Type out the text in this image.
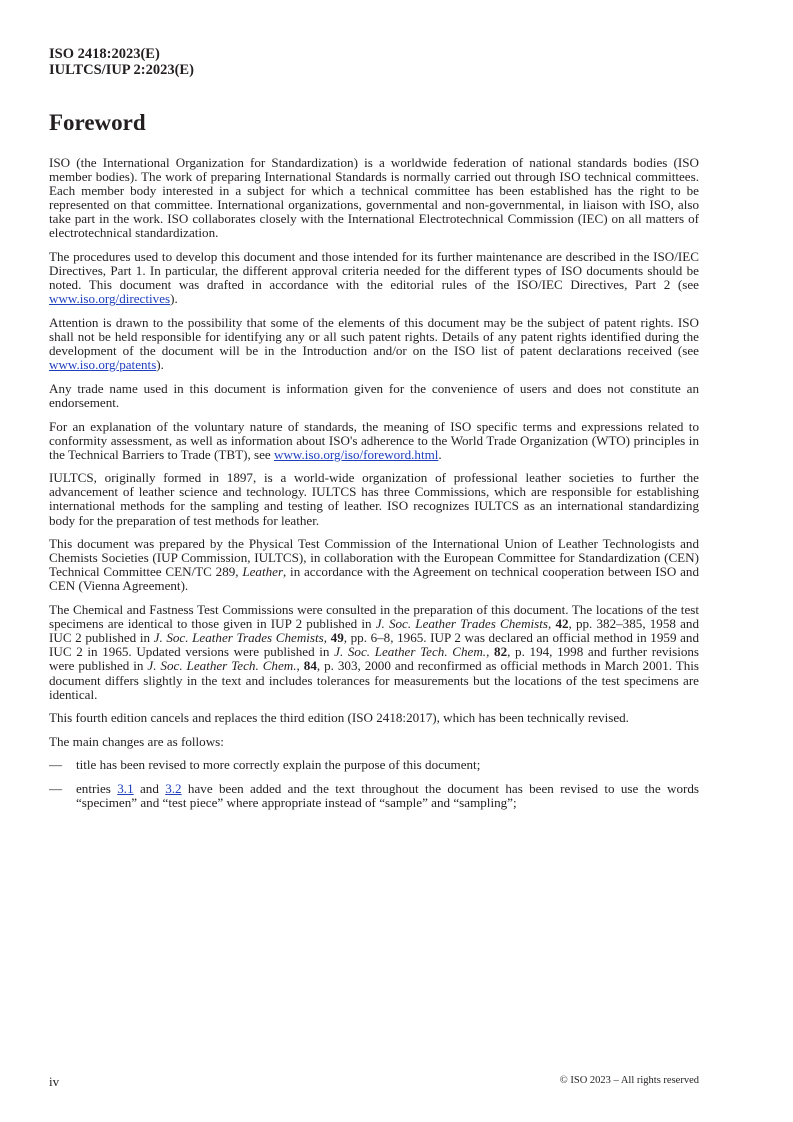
ISO 2418:2023(E)
IULTCS/IUP 2:2023(E)
Foreword

ISO (the International Organization for Standardization) is a worldwide federation of national standards bodies (ISO member bodies). The work of preparing International Standards is normally carried out through ISO technical committees. Each member body interested in a subject for which a technical committee has been established has the right to be represented on that committee. International organizations, governmental and non-governmental, in liaison with ISO, also take part in the work. ISO collaborates closely with the International Electrotechnical Commission (IEC) on all matters of electrotechnical standardization.

The procedures used to develop this document and those intended for its further maintenance are described in the ISO/IEC Directives, Part 1. In particular, the different approval criteria needed for the different types of ISO documents should be noted. This document was drafted in accordance with the editorial rules of the ISO/IEC Directives, Part 2 (see www.iso.org/directives).

Attention is drawn to the possibility that some of the elements of this document may be the subject of patent rights. ISO shall not be held responsible for identifying any or all such patent rights. Details of any patent rights identified during the development of the document will be in the Introduction and/or on the ISO list of patent declarations received (see www.iso.org/patents).

Any trade name used in this document is information given for the convenience of users and does not constitute an endorsement.

For an explanation of the voluntary nature of standards, the meaning of ISO specific terms and expressions related to conformity assessment, as well as information about ISO's adherence to the World Trade Organization (WTO) principles in the Technical Barriers to Trade (TBT), see www.iso.org/iso/foreword.html.

IULTCS, originally formed in 1897, is a world-wide organization of professional leather societies to further the advancement of leather science and technology. IULTCS has three Commissions, which are responsible for establishing international methods for the sampling and testing of leather. ISO recognizes IULTCS as an international standardizing body for the preparation of test methods for leather.

This document was prepared by the Physical Test Commission of the International Union of Leather Technologists and Chemists Societies (IUP Commission, IULTCS), in collaboration with the European Committee for Standardization (CEN) Technical Committee CEN/TC 289, Leather, in accordance with the Agreement on technical cooperation between ISO and CEN (Vienna Agreement).

The Chemical and Fastness Test Commissions were consulted in the preparation of this document. The locations of the test specimens are identical to those given in IUP 2 published in J. Soc. Leather Trades Chemists, 42, pp. 382–385, 1958 and IUC 2 published in J. Soc. Leather Trades Chemists, 49, pp. 6–8, 1965. IUP 2 was declared an official method in 1959 and IUC 2 in 1965. Updated versions were published in J. Soc. Leather Tech. Chem., 82, p. 194, 1998 and further revisions were published in J. Soc. Leather Tech. Chem., 84, p. 303, 2000 and reconfirmed as official methods in March 2001. This document differs slightly in the text and includes tolerances for measurements but the locations of the test specimens are identical.

This fourth edition cancels and replaces the third edition (ISO 2418:2017), which has been technically revised.

The main changes are as follows:

—	title has been revised to more correctly explain the purpose of this document;

—	entries 3.1 and 3.2 have been added and the text throughout the document has been revised to use the words “specimen” and “test piece” where appropriate instead of “sample” and “sampling”;

iv	© ISO 2023 – All rights reserved
